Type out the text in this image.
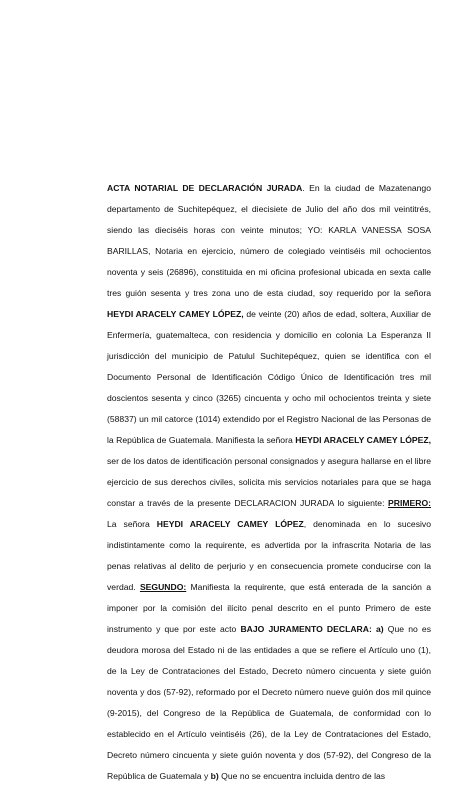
ACTA NOTARIAL DE DECLARACIÓN JURADA. En la ciudad de Mazatenango departamento de Suchitepéquez, el diecisiete de Julio del año dos mil veintitrés, siendo las dieciséis horas con veinte minutos; YO: KARLA VANESSA SOSA BARILLAS, Notaria en ejercicio, número de colegiado veintiséis mil ochocientos noventa y seis (26896), constituida en mi oficina profesional ubicada en sexta calle tres guión sesenta y tres zona uno de esta ciudad, soy requerido por la señora HEYDI ARACELY CAMEY LÓPEZ, de veinte (20) años de edad, soltera, Auxiliar de Enfermería, guatemalteca, con residencia y domicilio en colonia La Esperanza II jurisdicción del municipio de Patulul Suchitepéquez, quien se identifica con el Documento Personal de Identificación Código Único de Identificación tres mil doscientos sesenta y cinco (3265) cincuenta y ocho mil ochocientos treinta y siete (58837) un mil catorce (1014) extendido por el Registro Nacional de las Personas de la República de Guatemala. Manifiesta la señora HEYDI ARACELY CAMEY LÓPEZ, ser de los datos de identificación personal consignados y asegura hallarse en el libre ejercicio de sus derechos civiles, solicita mis servicios notariales para que se haga constar a través de la presente DECLARACION JURADA lo siguiente: PRIMERO: La señora HEYDI ARACELY CAMEY LÓPEZ, denominada en lo sucesivo indistintamente como la requirente, es advertida por la infrascrita Notaria de las penas relativas al delito de perjurio y en consecuencia promete conducirse con la verdad. SEGUNDO: Manifiesta la requirente, que está enterada de la sanción a imponer por la comisión del ilícito penal descrito en el punto Primero de este instrumento y que por este acto BAJO JURAMENTO DECLARA: a) Que no es deudora morosa del Estado ni de las entidades a que se refiere el Artículo uno (1), de la Ley de Contrataciones del Estado, Decreto número cincuenta y siete guión noventa y dos (57-92), reformado por el Decreto número nueve guión dos mil quince (9-2015), del Congreso de la República de Guatemala, de conformidad con lo establecido en el Artículo veintiséis (26), de la Ley de Contrataciones del Estado, Decreto número cincuenta y siete guión noventa y dos (57-92), del Congreso de la República de Guatemala y b) Que no se encuentra incluida dentro de las
